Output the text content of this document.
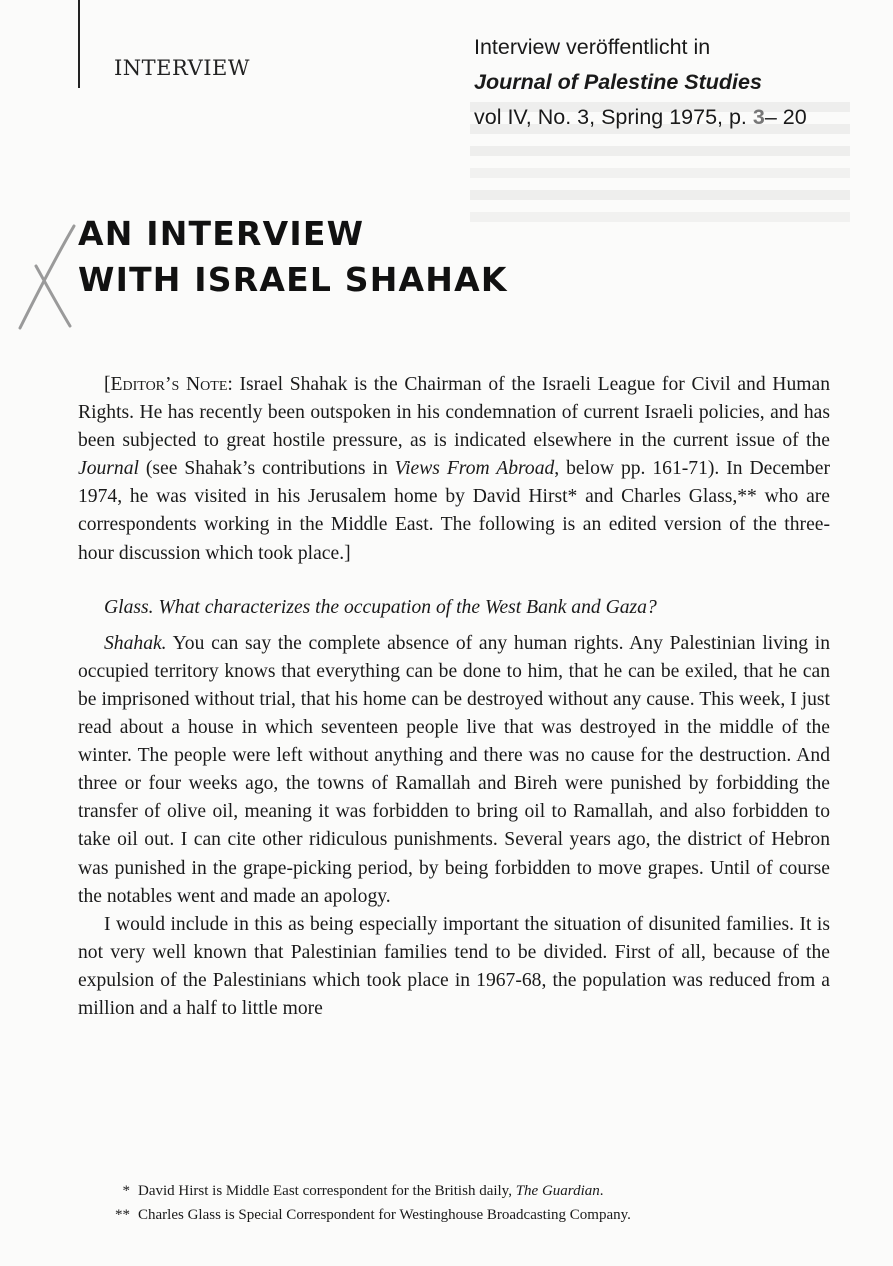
INTERVIEW
Interview veröffentlicht in
Journal of Palestine Studies
vol IV, No. 3, Spring 1975, p. 3– 20
AN INTERVIEW
WITH ISRAEL SHAHAK

[Editor’s Note: Israel Shahak is the Chairman of the Israeli League for Civil and Human Rights. He has recently been outspoken in his condemnation of current Israeli policies, and has been subjected to great hostile pressure, as is indicated elsewhere in the current issue of the Journal (see Shahak’s contributions in Views From Abroad, below pp. 161-71). In December 1974, he was visited in his Jerusalem home by David Hirst* and Charles Glass,** who are correspondents working in the Middle East. The following is an edited version of the three-hour discussion which took place.]

Glass. What characterizes the occupation of the West Bank and Gaza?

Shahak. You can say the complete absence of any human rights. Any Palestinian living in occupied territory knows that everything can be done to him, that he can be exiled, that he can be imprisoned without trial, that his home can be destroyed without any cause. This week, I just read about a house in which seventeen people live that was destroyed in the middle of the winter. The people were left without anything and there was no cause for the destruction. And three or four weeks ago, the towns of Ramallah and Bireh were punished by forbidding the transfer of olive oil, meaning it was forbidden to bring oil to Ramallah, and also forbidden to take oil out. I can cite other ridiculous punishments. Several years ago, the district of Hebron was punished in the grape-picking period, by being forbidden to move grapes. Until of course the notables went and made an apology.

I would include in this as being especially important the situation of disunited families. It is not very well known that Palestinian families tend to be divided. First of all, because of the expulsion of the Palestinians which took place in 1967-68, the population was reduced from a million and a half to little more

* David Hirst is Middle East correspondent for the British daily, The Guardian.
** Charles Glass is Special Correspondent for Westinghouse Broadcasting Company.
